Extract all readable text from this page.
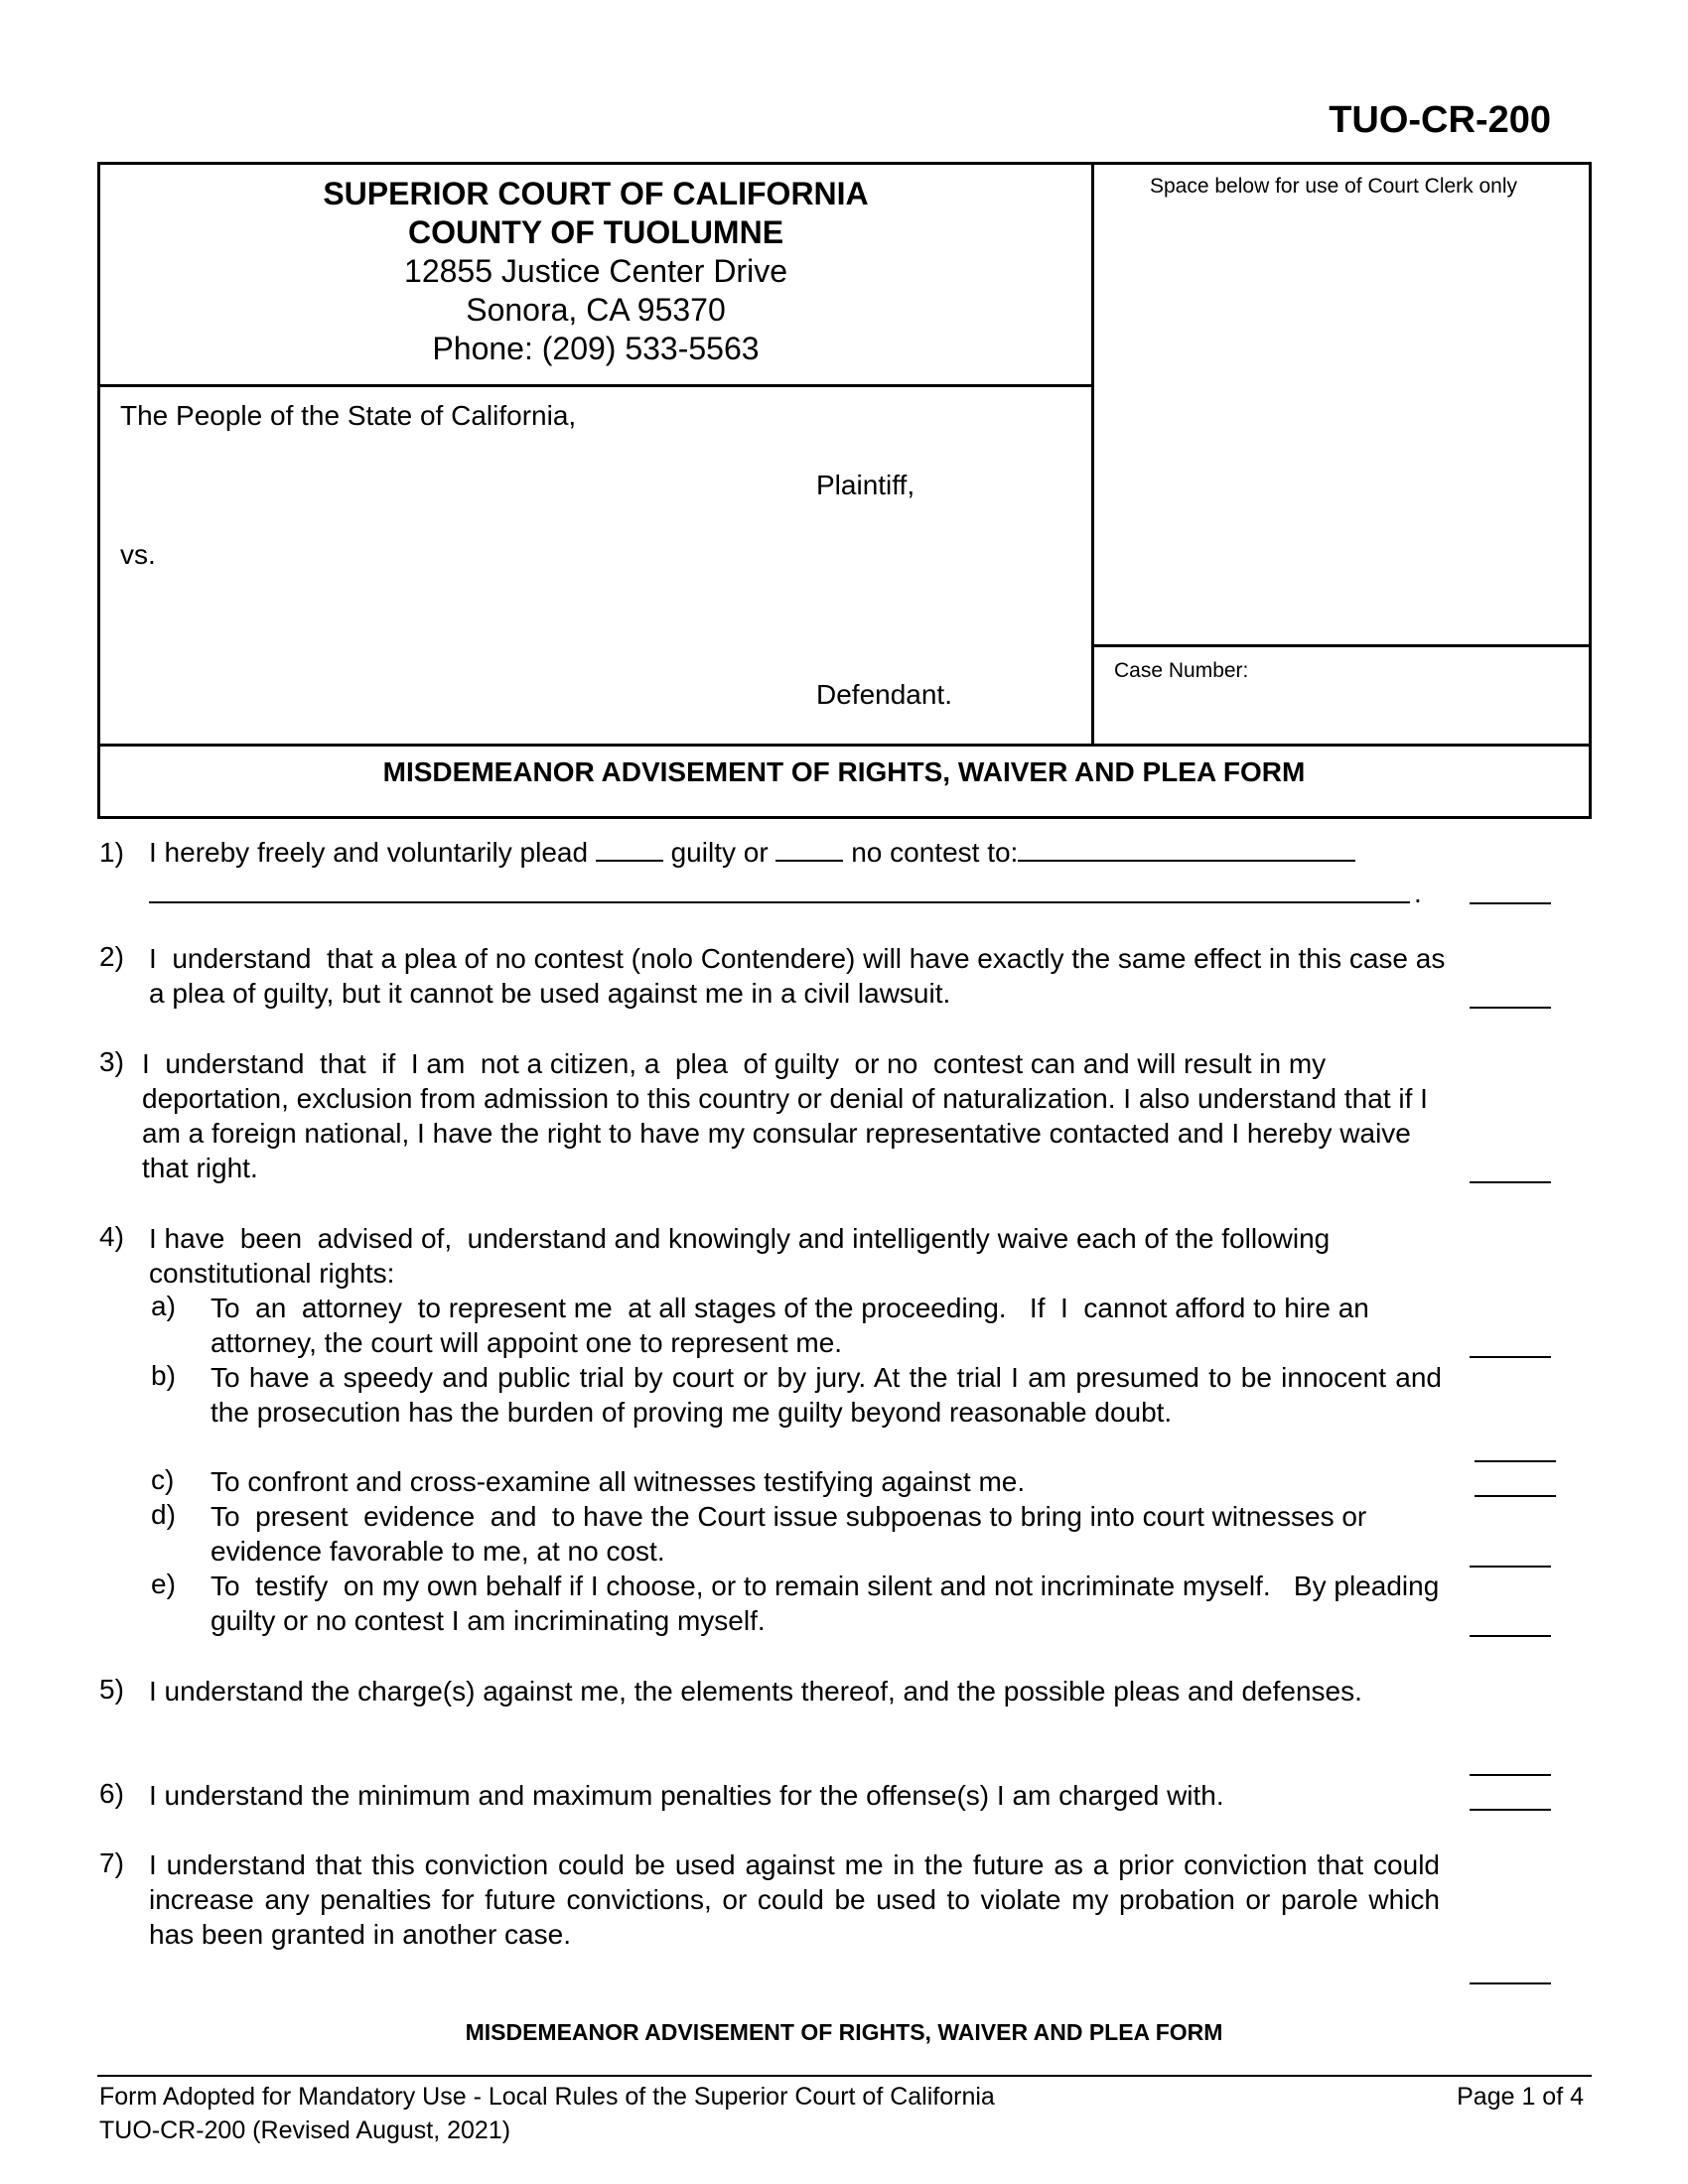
TUO-CR-200
SUPERIOR COURT OF CALIFORNIA
COUNTY OF TUOLUMNE
12855 Justice Center Drive
Sonora, CA 95370
Phone: (209) 533-5563
Space below for use of Court Clerk only
Case Number:
The People of the State of California,
Plaintiff,
vs.
Defendant.
MISDEMEANOR ADVISEMENT OF RIGHTS, WAIVER AND PLEA FORM
1) I hereby freely and voluntarily plead	guilty or	no contest to:
.
2) I  understand  that a plea of no contest (nolo Contendere) will have exactly the same effect in this case as a plea of guilty, but it cannot be used against me in a civil lawsuit.
3) I  understand  that  if  I am  not a citizen, a  plea  of guilty  or no  contest can and will result in my deportation, exclusion from admission to this country or denial of naturalization. I also understand that if I am a foreign national, I have the right to have my consular representative contacted and I hereby waive that right.
4) I have  been  advised of,  understand and knowingly and intelligently waive each of the following constitutional rights:
a) To  an  attorney  to represent me  at all stages of the proceeding.   If  I  cannot afford to hire an attorney, the court will appoint one to represent me.
b) To have a speedy and public trial by court or by jury. At the trial I am presumed to be innocent and the prosecution has the burden of proving me guilty beyond reasonable doubt.
c) To confront and cross-examine all witnesses testifying against me.
d) To  present  evidence  and  to have the Court issue subpoenas to bring into court witnesses or evidence favorable to me, at no cost.
e) To  testify  on my own behalf if I choose, or to remain silent and not incriminate myself.   By pleading guilty or no contest I am incriminating myself.
5) I understand the charge(s) against me, the elements thereof, and the possible pleas and defenses.
6) I understand the minimum and maximum penalties for the offense(s) I am charged with.
7) I understand that this conviction could be used against me in the future as a prior conviction that could increase any penalties for future convictions, or could be used to violate my probation or parole which has been granted in another case.
MISDEMEANOR ADVISEMENT OF RIGHTS, WAIVER AND PLEA FORM
Form Adopted for Mandatory Use - Local Rules of the Superior Court of California
TUO-CR-200 (Revised August, 2021)
Page 1 of 4
